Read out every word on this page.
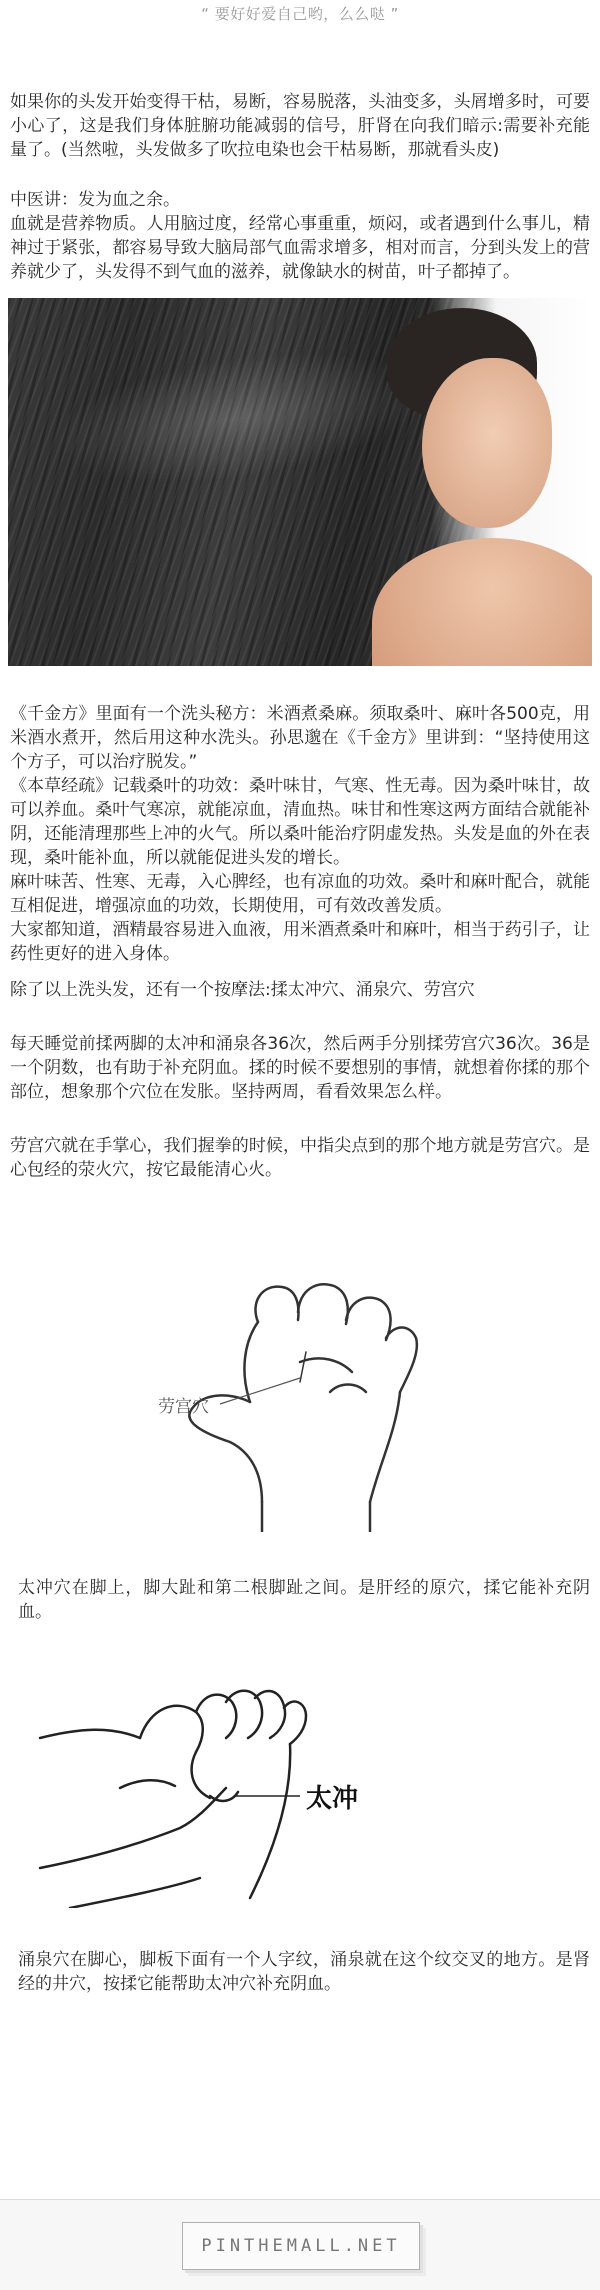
“ 要好好爱自己哟，么么哒 ”

如果你的头发开始变得干枯，易断，容易脱落，头油变多，头屑增多时，可要小心了，这是我们身体脏腑功能减弱的信号，肝肾在向我们暗示:需要补充能量了。(当然啦，头发做多了吹拉电染也会干枯易断，那就看头皮)

中医讲：发为血之余。

血就是营养物质。人用脑过度，经常心事重重，烦闷，或者遇到什么事儿，精神过于紧张，都容易导致大脑局部气血需求增多，相对而言，分到头发上的营养就少了，头发得不到气血的滋养，就像缺水的树苗，叶子都掉了。

《千金方》里面有一个洗头秘方：米酒煮桑麻。须取桑叶、麻叶各500克，用米酒水煮开，然后用这种水洗头。孙思邈在《千金方》里讲到：“坚持使用这个方子，可以治疗脱发。”

《本草经疏》记载桑叶的功效：桑叶味甘，气寒、性无毒。因为桑叶味甘，故可以养血。桑叶气寒凉，就能凉血，清血热。味甘和性寒这两方面结合就能补阴，还能清理那些上冲的火气。所以桑叶能治疗阴虚发热。头发是血的外在表现，桑叶能补血，所以就能促进头发的增长。

麻叶味苦、性寒、无毒，入心脾经，也有凉血的功效。桑叶和麻叶配合，就能互相促进，增强凉血的功效，长期使用，可有效改善发质。

大家都知道，酒精最容易进入血液，用米酒煮桑叶和麻叶，相当于药引子，让药性更好的进入身体。

除了以上洗头发，还有一个按摩法:揉太冲穴、涌泉穴、劳宫穴

每天睡觉前揉两脚的太冲和涌泉各36次，然后两手分别揉劳宫穴36次。36是一个阴数，也有助于补充阴血。揉的时候不要想别的事情，就想着你揉的那个部位，想象那个穴位在发胀。坚持两周，看看效果怎么样。

劳宫穴就在手掌心，我们握拳的时候，中指尖点到的那个地方就是劳宫穴。是心包经的荥火穴，按它最能清心火。

劳宫穴

太冲穴在脚上，脚大趾和第二根脚趾之间。是肝经的原穴，揉它能补充阴血。

太冲

涌泉穴在脚心，脚板下面有一个人字纹，涌泉就在这个纹交叉的地方。是肾经的井穴，按揉它能帮助太冲穴补充阴血。

PINTHEMALL.NET
